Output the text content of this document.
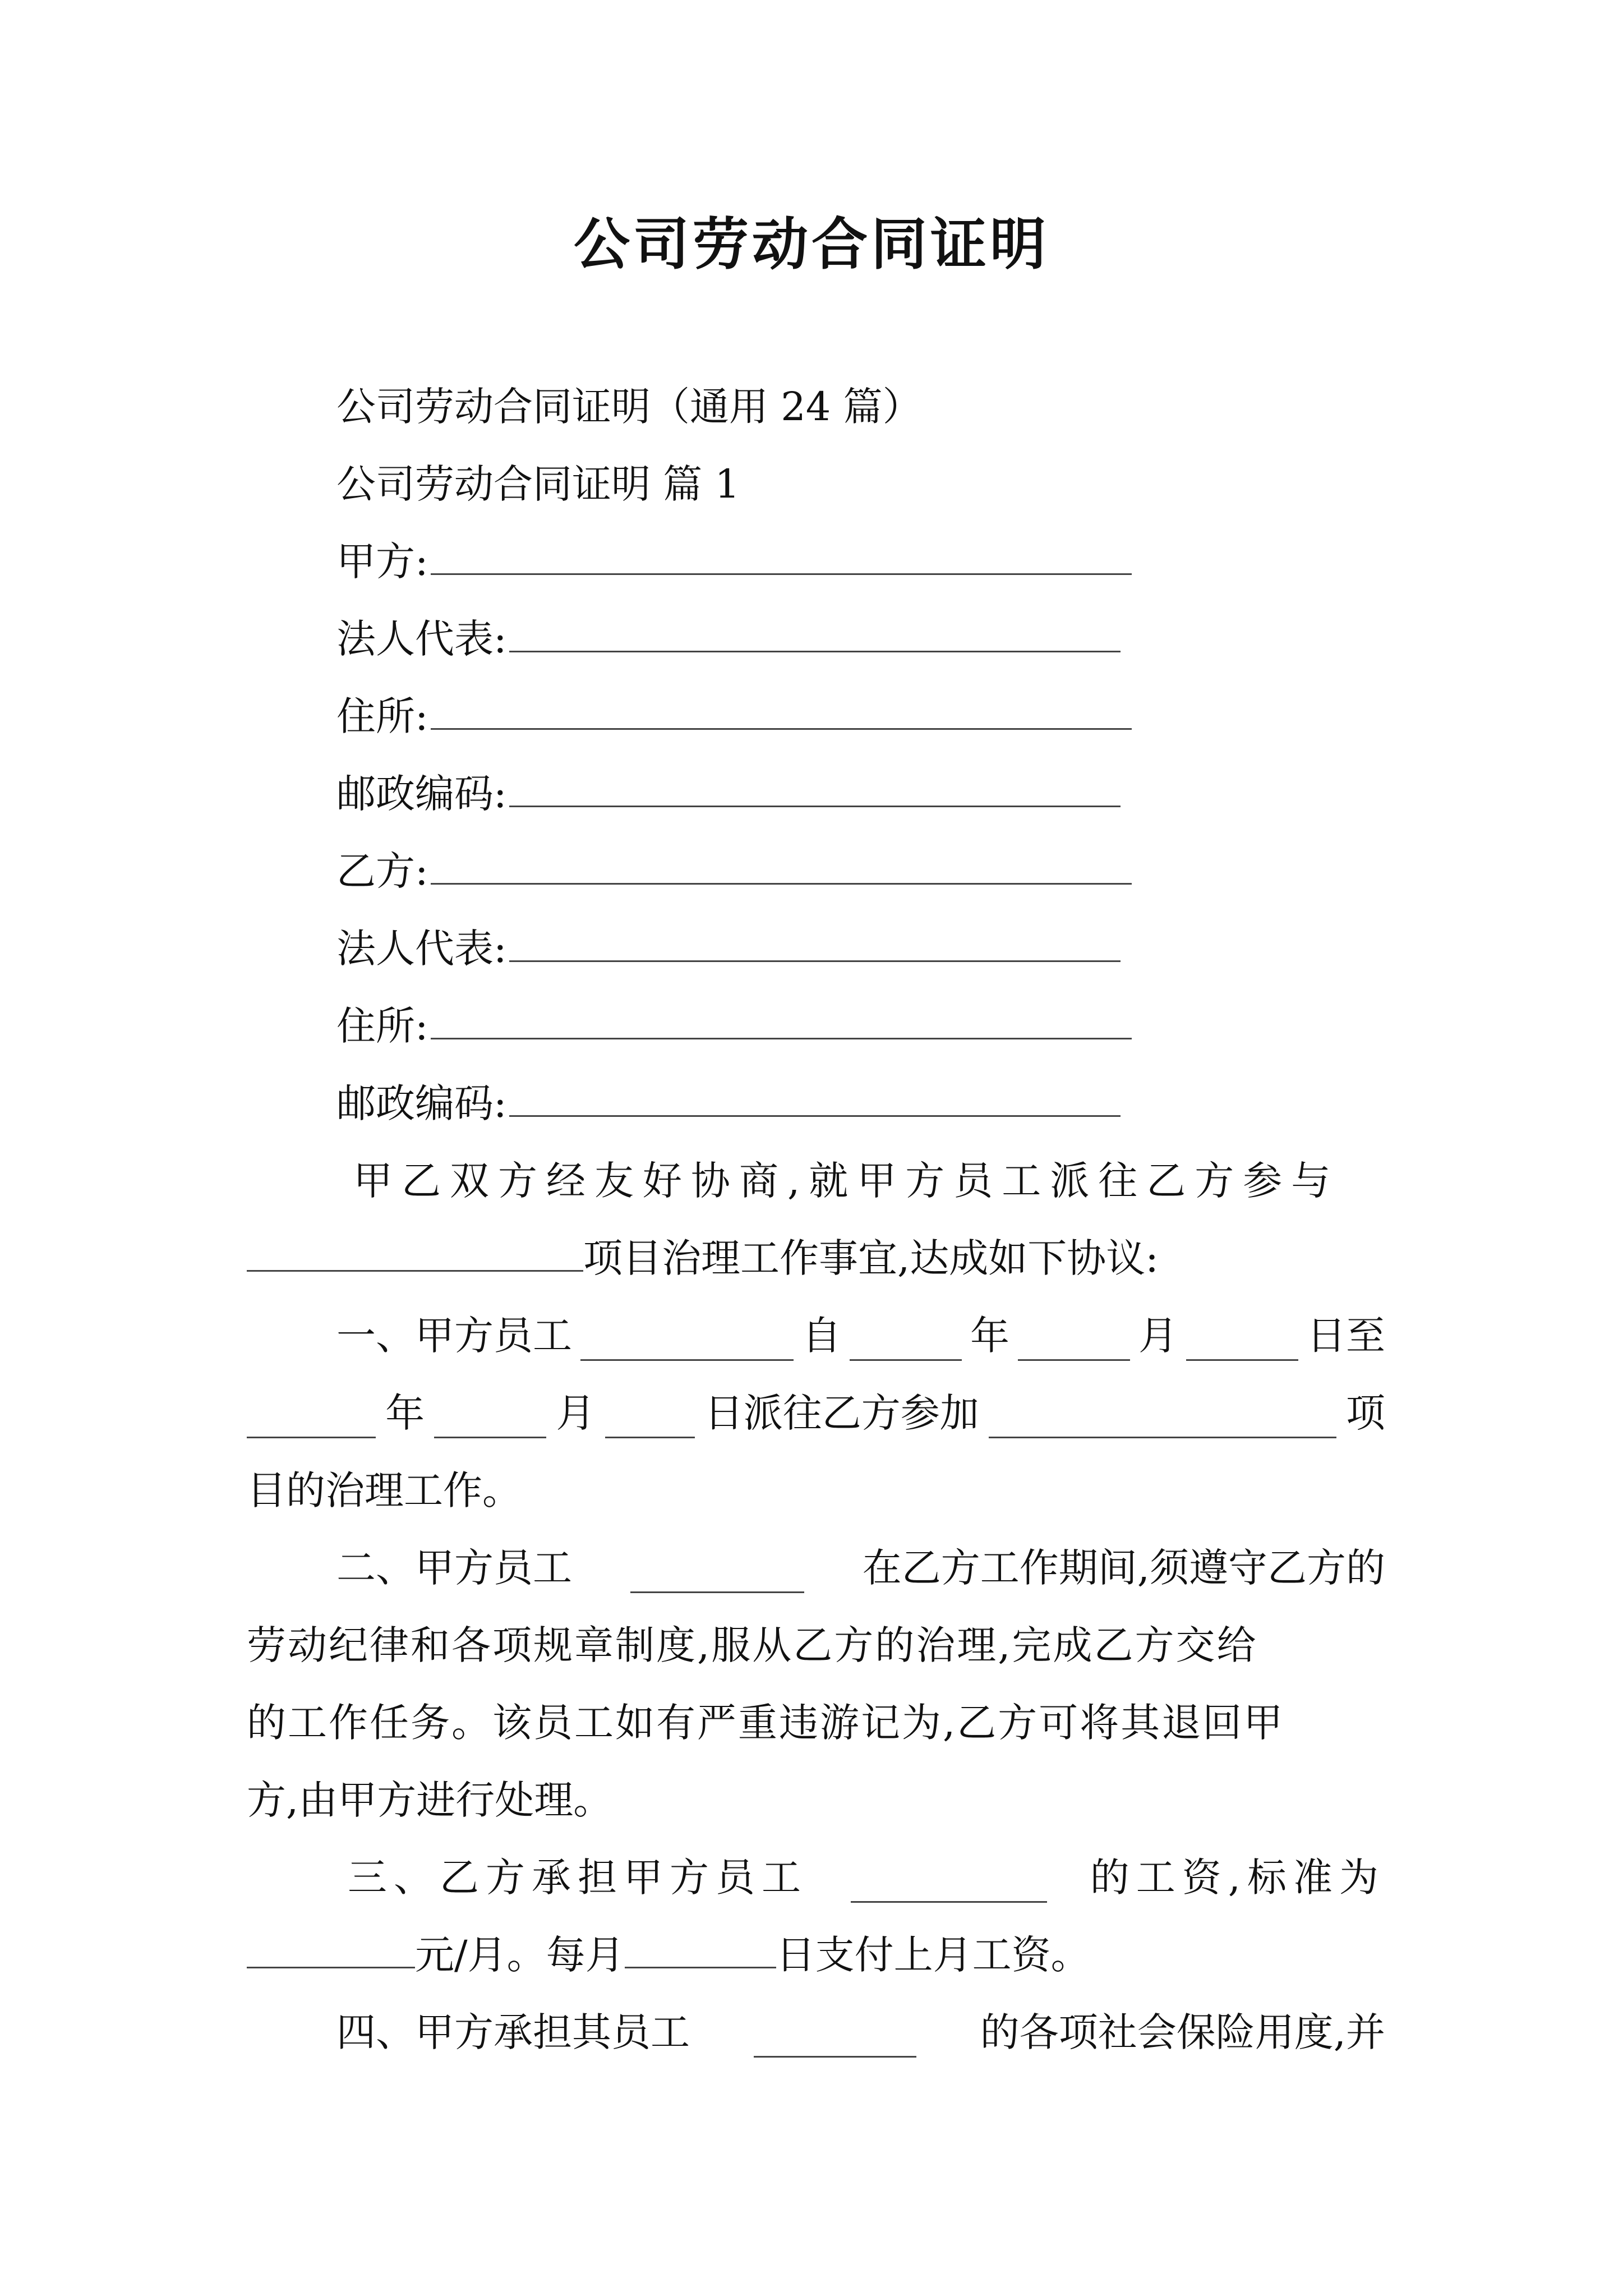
公司劳动合同证明
公司劳动合同证明（通用 24 篇）
公司劳动合同证明 篇 1
甲方:
法人代表:
住所:
邮政编码:
乙方:
法人代表:
住所:
邮政编码:
甲乙双方经友好协商,就甲方员工派往乙方参与
项目治理工作事宜,达成如下协议:
一、甲方员工	自	年	月	日至
年	月	日派往乙方参加	项
目的治理工作。
二、甲方员工	在乙方工作期间,须遵守乙方的
劳动纪律和各项规章制度,服从乙方的治理,完成乙方交给
的工作任务。该员工如有严重违游记为,乙方可将其退回甲
方,由甲方进行处理。
三、乙方承担甲方员工	的工资,标准为
元/月。每月	日支付上月工资。
四、甲方承担其员工	的各项社会保险用度,并
